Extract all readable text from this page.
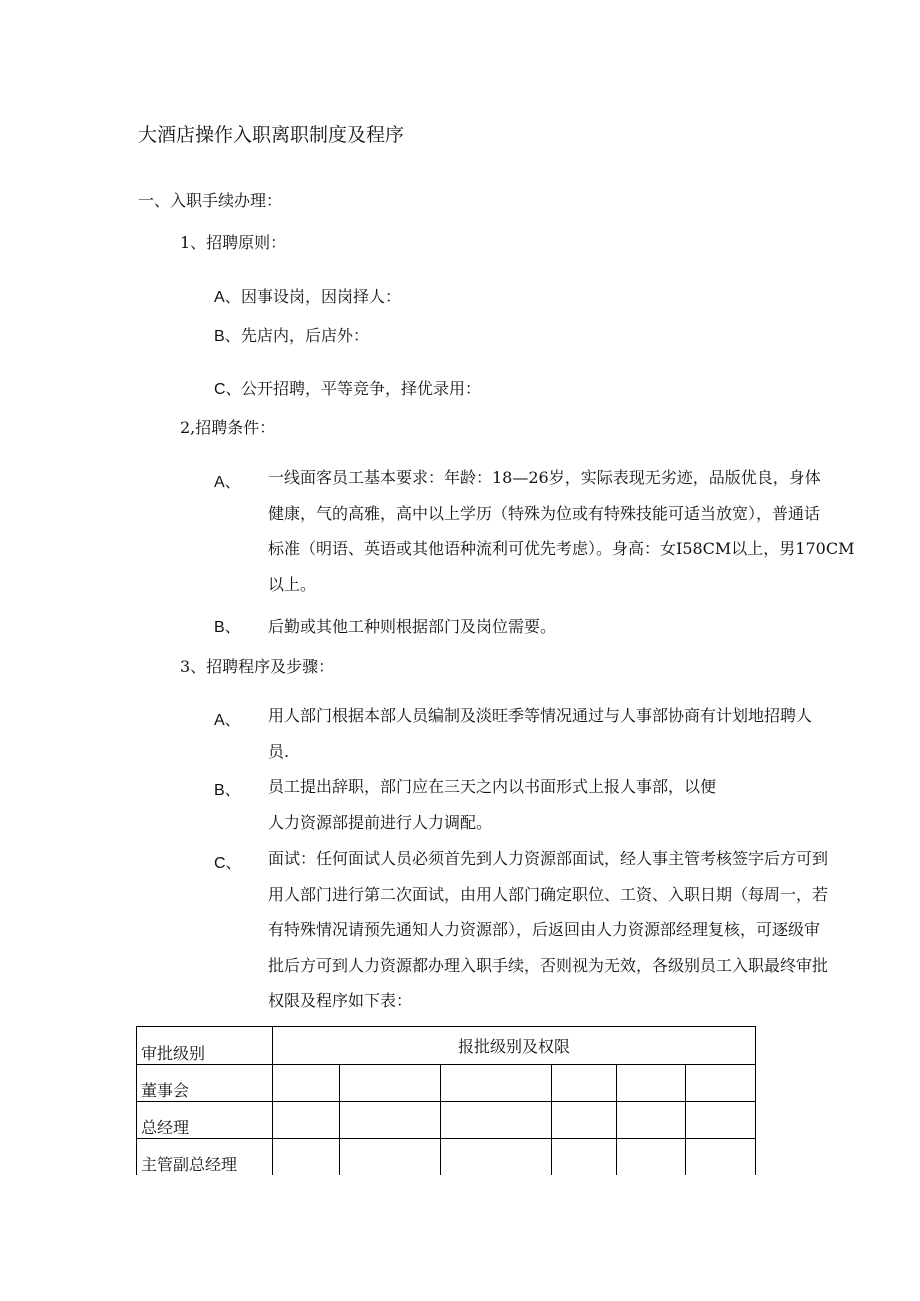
大酒店操作入职离职制度及程序
一、入职手续办理：
1、招聘原则：
A、 因事设岗，因岗择人：
B、 先店内，后店外：
C、 公开招聘，平等竞争，择优录用：
2,招聘条件：
A、 一线面客员工基本要求：年龄：18—26岁，实际表现无劣迹，品版优良，身体
健康，气的高雅，高中以上学历（特殊为位或有特殊技能可适当放宽），普通话
标准（明语、英语或其他语种流利可优先考虑）。身高：女I58CM以上，男170CM
以上。
B、 后勤或其他工种则根据部门及岗位需要。
3、招聘程序及步骤：
A、 用人部门根据本部人员编制及淡旺季等情况通过与人事部协商有计划地招聘人
员.
B、 员工提出辞职，部门应在三天之内以书面形式上报人事部，以便
人力资源部提前进行人力调配。
C、 面试：任何面试人员必须首先到人力资源部面试，经人事主管考核签字后方可到
用人部门进行第二次面试，由用人部门确定职位、工资、入职日期（每周一，若
有特殊情况请预先通知人力资源部），后返回由人力资源部经理复核，可逐级审
批后方可到人力资源都办理入职手续，否则视为无效，各级别员工入职最终审批
权限及程序如下表：
审批级别	报批级别及权限					
董事会						
总经理						
主管副总经理						
